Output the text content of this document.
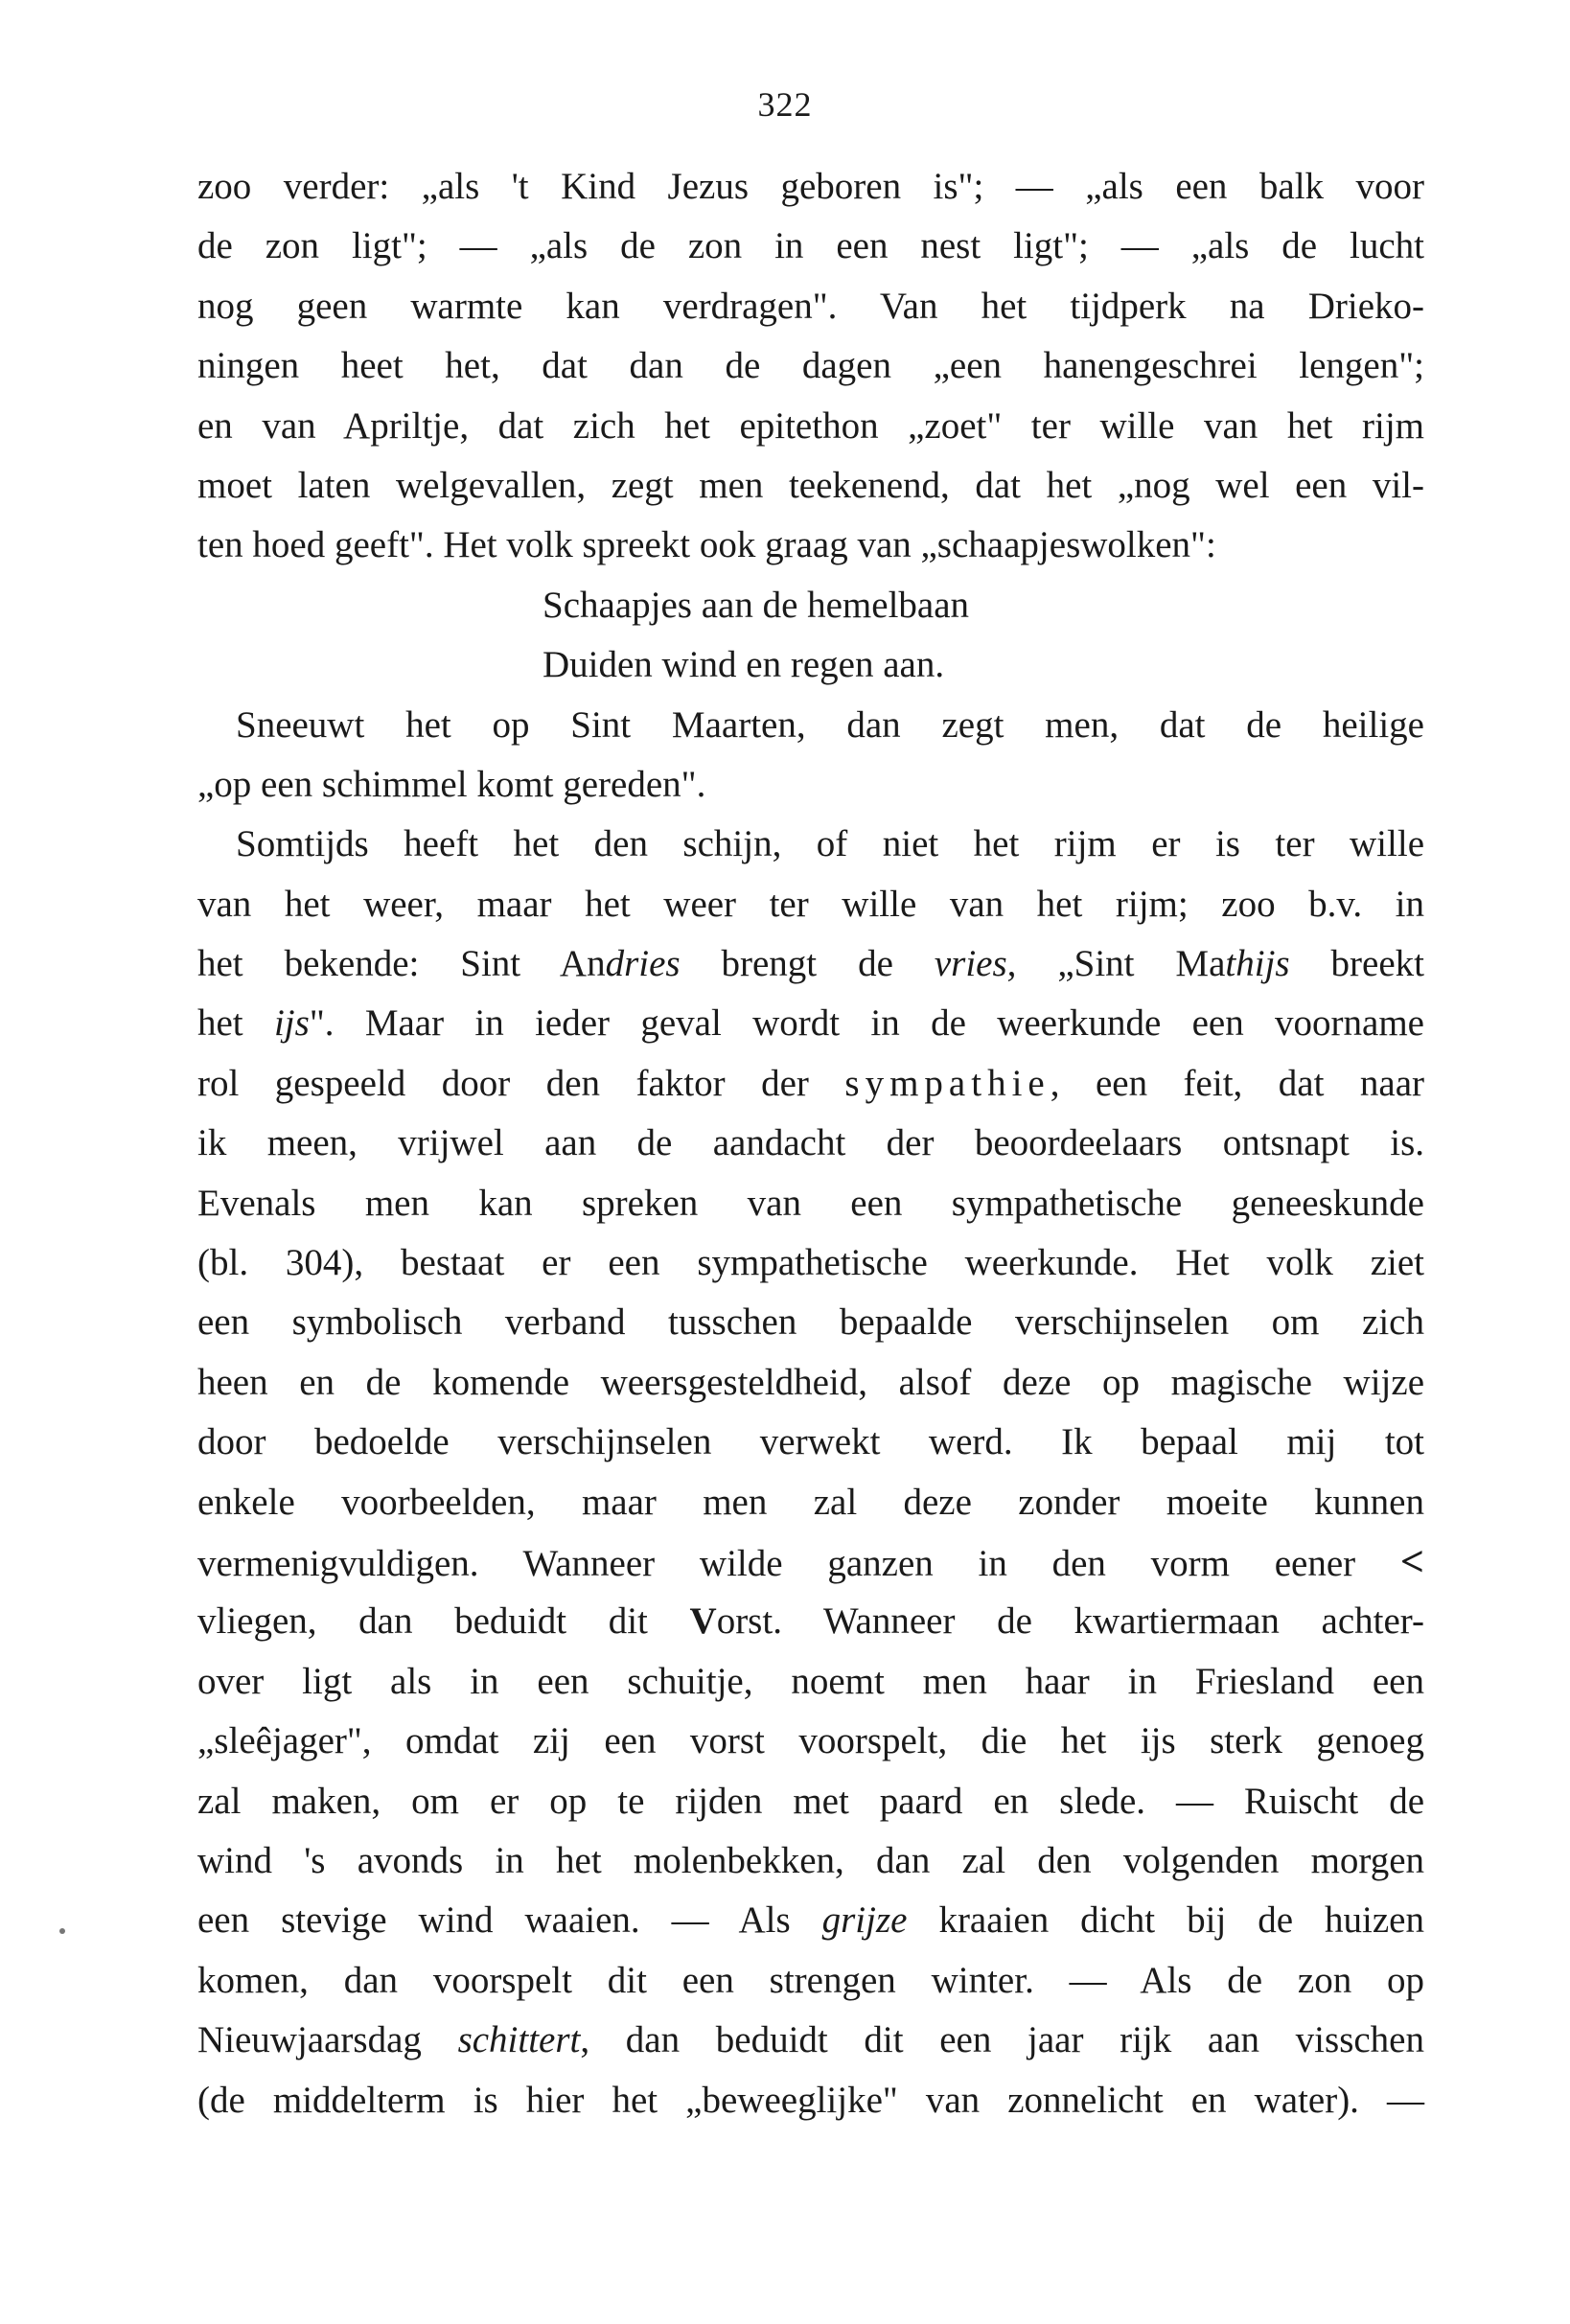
322
zoo verder: „als 't Kind Jezus geboren is"; — „als een balk voor
de zon ligt"; — „als de zon in een nest ligt"; — „als de lucht
nog geen warmte kan verdragen". Van het tijdperk na Drieko-
ningen heet het, dat dan de dagen „een hanengeschrei lengen";
en van Apriltje, dat zich het epitethon „zoet" ter wille van het rijm
moet laten welgevallen, zegt men teekenend, dat het „nog wel een vil-
ten hoed geeft". Het volk spreekt ook graag van „schaapjeswolken":
Schaapjes aan de hemelbaan
Duiden wind en regen aan.
Sneeuwt het op Sint Maarten, dan zegt men, dat de heilige
„op een schimmel komt gereden".
Somtijds heeft het den schijn, of niet het rijm er is ter wille
van het weer, maar het weer ter wille van het rijm; zoo b.v. in
het bekende: Sint Andries brengt de vries, „Sint Mathijs breekt
het ijs". Maar in ieder geval wordt in de weerkunde een voorname
rol gespeeld door den faktor der sympathie, een feit, dat naar
ik meen, vrijwel aan de aandacht der beoordeelaars ontsnapt is.
Evenals men kan spreken van een sympathetische geneeskunde
(bl. 304), bestaat er een sympathetische weerkunde. Het volk ziet
een symbolisch verband tusschen bepaalde verschijnselen om zich
heen en de komende weersgesteldheid, alsof deze op magische wijze
door bedoelde verschijnselen verwekt werd. Ik bepaal mij tot
enkele voorbeelden, maar men zal deze zonder moeite kunnen
vermenigvuldigen. Wanneer wilde ganzen in den vorm eener <
vliegen, dan beduidt dit Vorst. Wanneer de kwartiermaan achter-
over ligt als in een schuitje, noemt men haar in Friesland een
„sleêjager", omdat zij een vorst voorspelt, die het ijs sterk genoeg
zal maken, om er op te rijden met paard en slede. — Ruischt de
wind 's avonds in het molenbekken, dan zal den volgenden morgen
een stevige wind waaien. — Als grijze kraaien dicht bij de huizen
komen, dan voorspelt dit een strengen winter. — Als de zon op
Nieuwjaarsdag schittert, dan beduidt dit een jaar rijk aan visschen
(de middelterm is hier het „beweeglijke" van zonnelicht en water). —
